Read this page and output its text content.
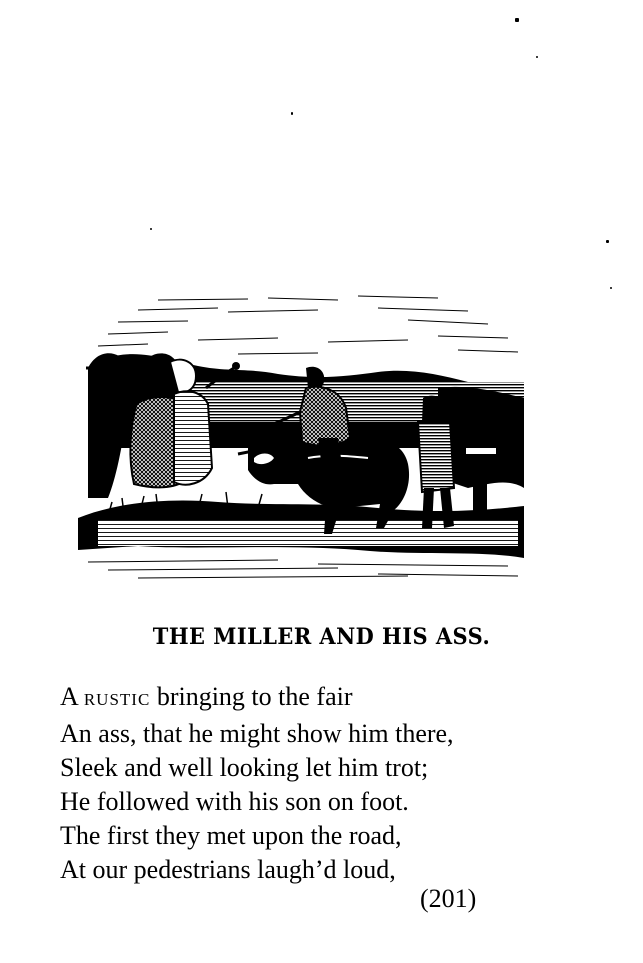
THE MILLER AND HIS ASS.
A RUSTIC bringing to the fair
An ass, that he might show him there,
Sleek and well looking let him trot;
He followed with his son on foot.
The first they met upon the road,
At our pedestrians laugh’d loud,
(201)
